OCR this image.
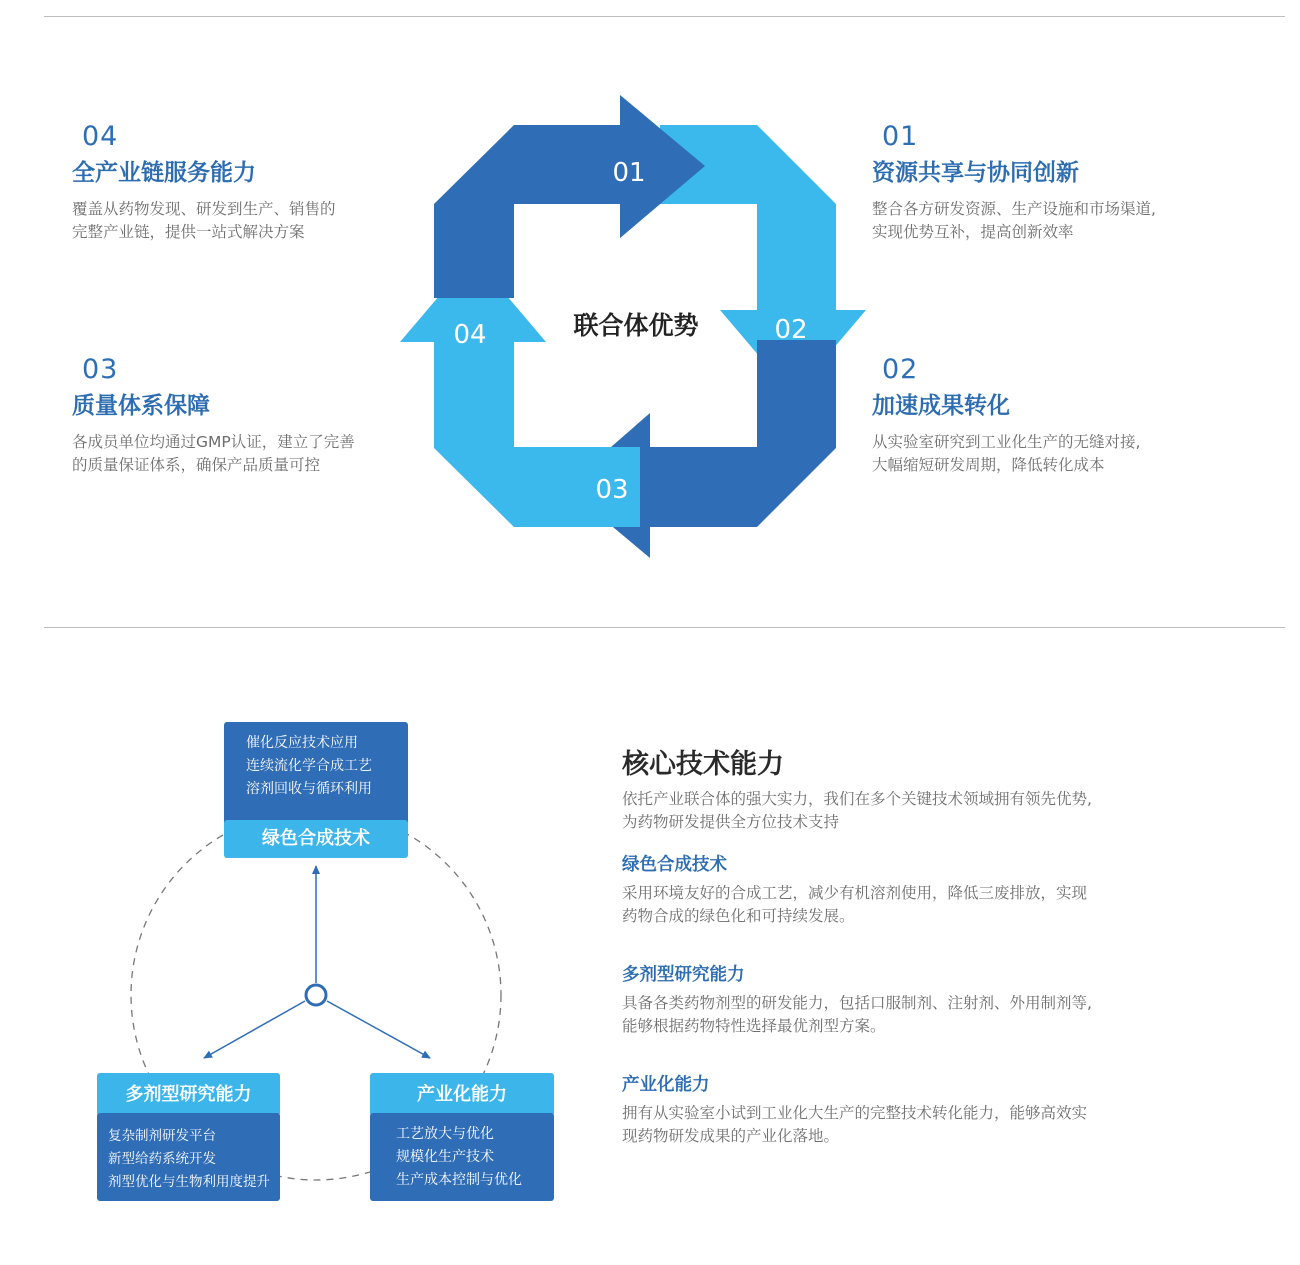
04
全产业链服务能力
覆盖从药物发现、研发到生产、销售的
完整产业链，提供一站式解决方案
03
质量体系保障
各成员单位均通过GMP认证，建立了完善
的质量保证体系，确保产品质量可控
01
资源共享与协同创新
整合各方研发资源、生产设施和市场渠道,
实现优势互补，提高创新效率
02
加速成果转化
从实验室研究到工业化生产的无缝对接,
大幅缩短研发周期，降低转化成本
01
02
03
04	联合体优势
催化反应技术应用
连续流化学合成工艺
溶剂回收与循环利用
绿色合成技术
多剂型研究能力
复杂制剂研发平台
新型给药系统开发
剂型优化与生物利用度提升
产业化能力
工艺放大与优化
规模化生产技术
生产成本控制与优化
核心技术能力
依托产业联合体的强大实力，我们在多个关键技术领域拥有领先优势,
为药物研发提供全方位技术支持
绿色合成技术
采用环境友好的合成工艺，减少有机溶剂使用，降低三废排放，实现
药物合成的绿色化和可持续发展。
多剂型研究能力
具备各类药物剂型的研发能力，包括口服制剂、注射剂、外用制剂等,
能够根据药物特性选择最优剂型方案。
产业化能力
拥有从实验室小试到工业化大生产的完整技术转化能力，能够高效实
现药物研发成果的产业化落地。
